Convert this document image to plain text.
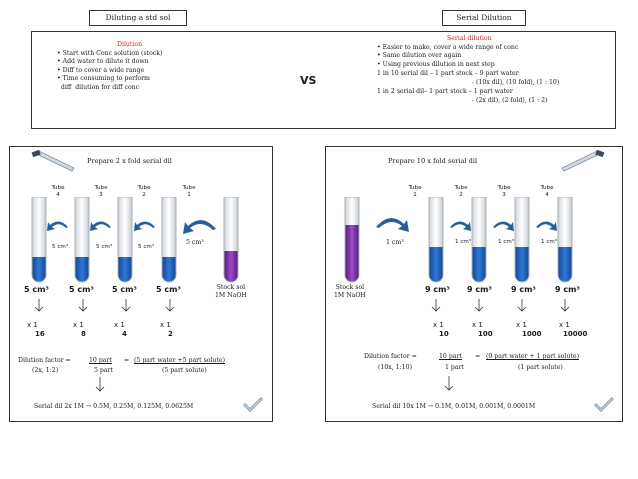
Diluting a std sol	Serial Dilution
Dilution
• Start with Conc solution (stock)
• Add water to dilute it down
• Diff to cover a wide range
• Time consuming to perform
diff  dilution for diff conc
VS
Serial dilution
• Easier to make, cover a wide range of conc
• Same dilution over again
• Using previous dilution in next step
1 in 10 serial dil – 1 part stock – 9 part water
- (10x dil), (10 fold), (1 : 10)
1 in 2 serial dil– 1 part stock – 1 part water
- (2x dil), (2 fold), (1 : 2)
Prepare 2 x fold serial dil
Tube
4
Tube
3
Tube
2
Tube
1
5 cm³	5 cm³	5 cm³
5 cm³
5 cm³	5 cm³ 5 cm³ 5 cm³	Stock sol
1M NaOH
x 1
16
x 1
8
x 1
4
x 1
2
Dilution factor =	10 part = (5 part water +5 part solute)
(2x, 1:2)	5 part	(5 part solute)
Serial dil 2x 1M → 0.5M, 0.25M, 0.125M, 0.0625M
Prepare 10 x fold serial dil
Tube
1
Tube
2
Tube
3
Tube
4
1 cm³	1 cm³	1 cm³	1 cm³
Stock sol
1M NaOH
9 cm³ 9 cm³ 9 cm³ 9 cm³
x 1
10
x 1
100
x 1
1000
x 1
10000
Dilution factor =	10 part = (9 part water + 1 part solute)
(10x, 1:10)	1 part	(1 part solute)
Serial dil 10x 1M → 0.1M, 0.01M, 0.001M, 0.0001M
